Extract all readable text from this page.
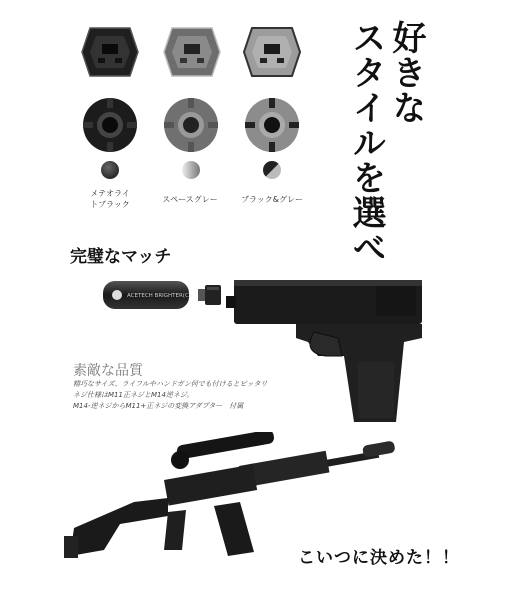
メテオライ
トブラック
スペースグレー	ブラック&グレー
好きな
スタイルを選べ
完璧なマッチ
ACETECH BRIGHTER(C)
素敵な品質
精巧なサイズ、ライフルやハンドガン何でも付けるとピッタリ
ネジ仕様はM11正ネジとM14逆ネジ。
M14-逆ネジからM11+正ネジの変換アダプター　付属
こいつに決めた！！
